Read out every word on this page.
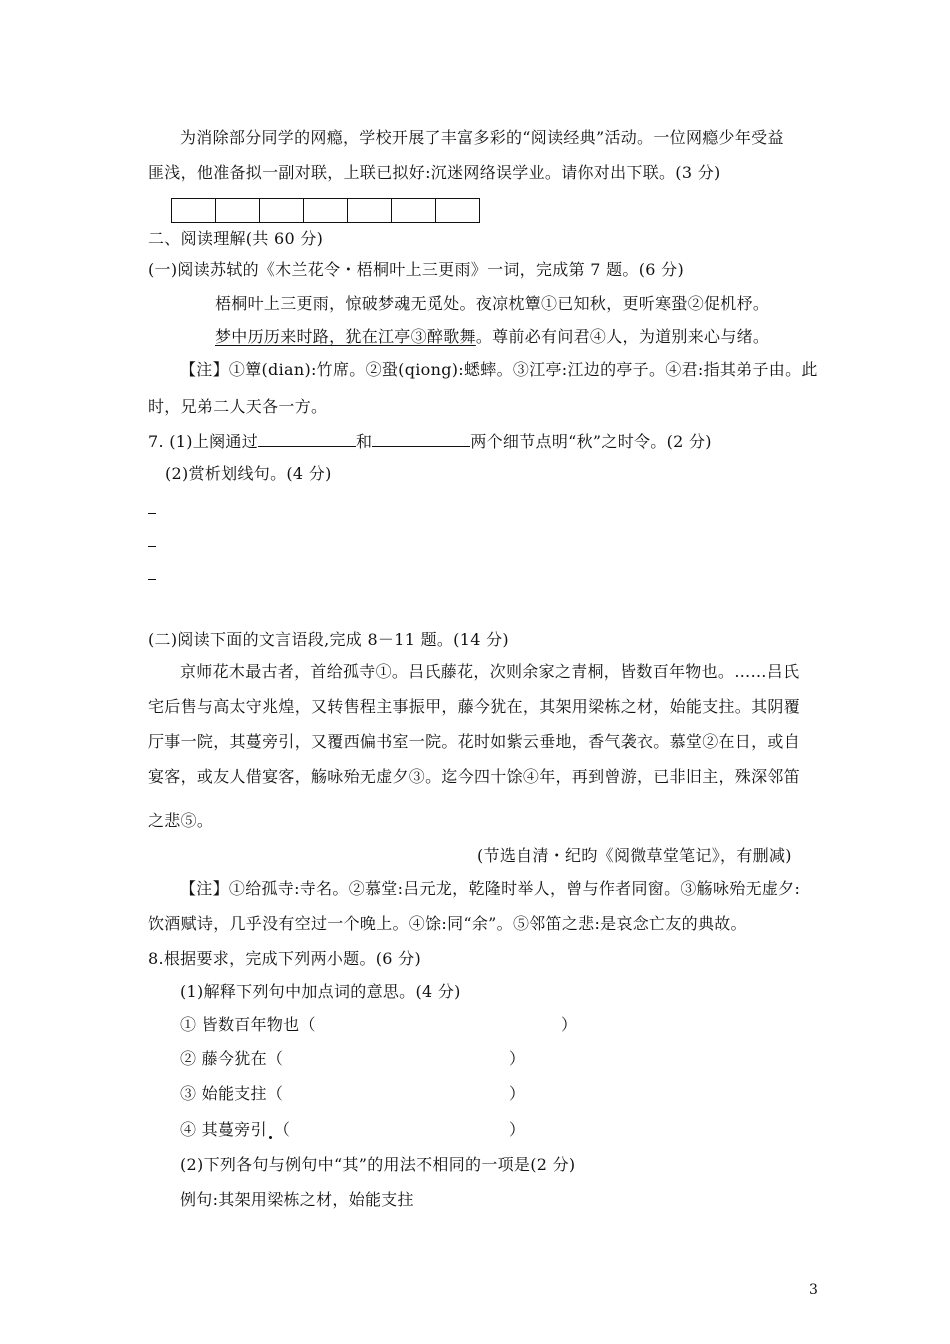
为消除部分同学的网瘾，学校开展了丰富多彩的“阅读经典”活动。一位网瘾少年受益
匪浅，他准备拟一副对联，上联已拟好:沉迷网络误学业。请你对出下联。(3 分)
二、阅读理解(共 60 分)
(一)阅读苏轼的《木兰花令・梧桐叶上三更雨》一词，完成第 7 题。(6 分)
梧桐叶上三更雨，惊破梦魂无觅处。夜凉枕簟①已知秋，更听寒蛩②促机杼。
梦中历历来时路，犹在江亭③醉歌舞。尊前必有问君④人，为道别来心与绪。
【注】①簟(dian):竹席。②蛩(qiong):蟋蟀。③江亭:江边的亭子。④君:指其弟子由。此
时，兄弟二人天各一方。
7. (1)上阕通过	和	两个细节点明“秋”之时令。(2 分)
(2)赏析划线句。(4 分)
(二)阅读下面的文言语段,完成 8－11 题。(14 分)
京师花木最古者，首给孤寺①。吕氏藤花，次则余家之青桐，皆数百年物也。……吕氏
宅后售与高太守兆煌，又转售程主事振甲，藤今犹在，其架用梁栋之材，始能支拄。其阴覆
厅事一院，其蔓旁引，又覆西偏书室一院。花时如紫云垂地，香气袭衣。慕堂②在日，或自
宴客，或友人借宴客，觞咏殆无虚夕③。迄今四十馀④年，再到曾游，已非旧主，殊深邻笛
之悲⑤。
(节选自清・纪昀《阅微草堂笔记》，有删减)
【注】①给孤寺:寺名。②慕堂:吕元龙，乾隆时举人，曾与作者同窗。③觞咏殆无虚夕:
饮酒赋诗，几乎没有空过一个晚上。④馀:同“余”。⑤邻笛之悲:是哀念亡友的典故。
8.根据要求，完成下列两小题。(6 分)
(1)解释下列句中加点词的意思。(4 分)
① 皆数百年物也（	）
② 藤今犹在（	）
③ 始能支拄（	）
④ 其蔓旁引 （	）
(2)下列各句与例句中“其”的用法不相同的一项是(2 分)
例句:其架用梁栋之材，始能支拄
3
